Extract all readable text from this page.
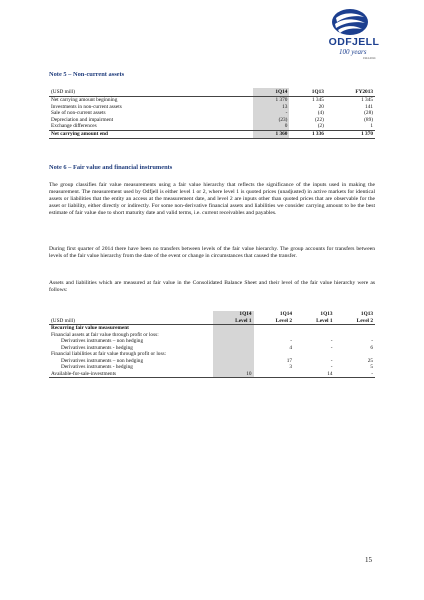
ODFJELL
100 years
1914-2014
Note 5 – Non-current assets
(USD mill)	1Q14	1Q13	FY2013
Net carrying amount beginning	1 370	1 345	1 345
Investments in non-current assets	13	20	141
Sale of non-current assets	-	(4)	(28)
Depreciation and impairment	(23)	(22)	(89)
Exchange differences	0	(2)	1
Net carrying amount end	1 360	1 336	1 370
Note 6 – Fair value and financial instruments

The group classifies fair value measurements using a fair value hierarchy that reflects the significance of the inputs used in making the measurement. The measurement used by Odfjell is either level 1 or 2, where level 1 is quoted prices (unadjusted) in active markets for identical assets or liabilities that the entity an access at the measurement date, and level 2 are inputs other than quoted prices that are observable for the asset or liability, either directly or indirectly. For some non-derivative financial assets and liabilities we consider carrying amount to be the best estimate of fair value due to short maturity date and valid terms, i.e. current receivables and payables.

During first quarter of 2014 there have been no transfers between levels of the fair value hierarchy. The group accounts for transfers between levels of the fair value hierarchy from the date of the event or change in circumstances that caused the transfer.

Assets and liabilities which are measured at fair value in the Consolidated Balance Sheet and their level of the fair value hierarchy were as follows:

	1Q14	1Q14	1Q13	1Q13
(USD mill)	Level 1	Level 2	Level 1	Level 2
Recurring fair value measurement				
Financial assets at fair value through profit or loss:				
Derivatives instruments – non hedging		-	-	-
Derivatives instruments - hedging		4	-	6
Financial liabilities at fair value through profit or loss:				
Derivatives instruments – non hedging		17	-	25
Derivatives instruments - hedging		3	-	5
Available-for-sale-investments	10		14	-
15
